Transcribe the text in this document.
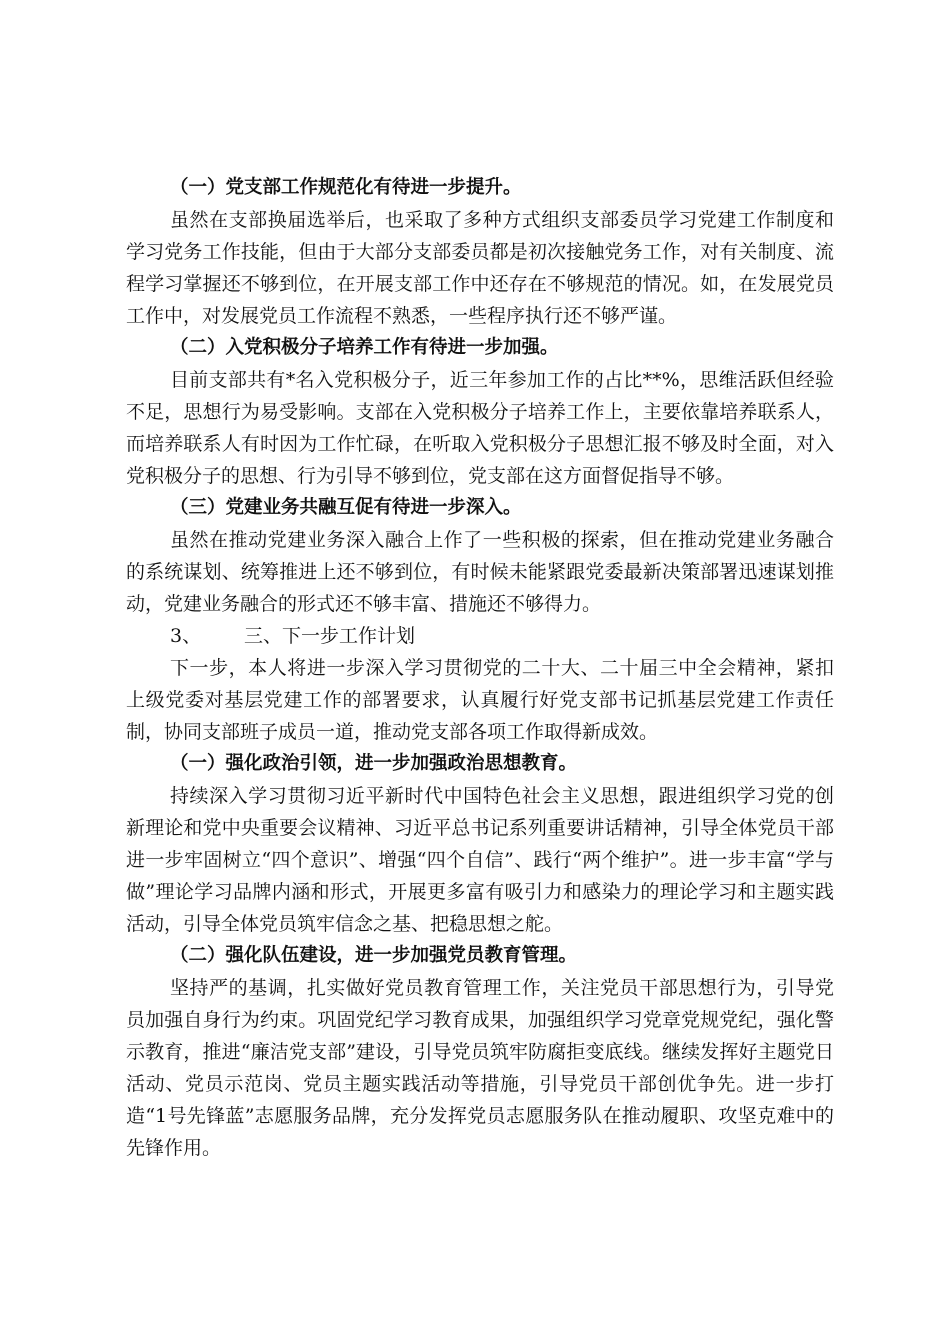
（一）党支部工作规范化有待进一步提升。

虽然在支部换届选举后，也采取了多种方式组织支部委员学习党建工作制度和学习党务工作技能，但由于大部分支部委员都是初次接触党务工作，对有关制度、流程学习掌握还不够到位，在开展支部工作中还存在不够规范的情况。如，在发展党员工作中，对发展党员工作流程不熟悉，一些程序执行还不够严谨。

（二）入党积极分子培养工作有待进一步加强。

目前支部共有*名入党积极分子，近三年参加工作的占比**%，思维活跃但经验不足，思想行为易受影响。支部在入党积极分子培养工作上，主要依靠培养联系人，而培养联系人有时因为工作忙碌，在听取入党积极分子思想汇报不够及时全面，对入党积极分子的思想、行为引导不够到位，党支部在这方面督促指导不够。

（三）党建业务共融互促有待进一步深入。

虽然在推动党建业务深入融合上作了一些积极的探索，但在推动党建业务融合的系统谋划、统筹推进上还不够到位，有时候未能紧跟党委最新决策部署迅速谋划推动，党建业务融合的形式还不够丰富、措施还不够得力。

3、 三、下一步工作计划

下一步，本人将进一步深入学习贯彻党的二十大、二十届三中全会精神，紧扣上级党委对基层党建工作的部署要求，认真履行好党支部书记抓基层党建工作责任制，协同支部班子成员一道，推动党支部各项工作取得新成效。

（一）强化政治引领，进一步加强政治思想教育。

持续深入学习贯彻习近平新时代中国特色社会主义思想，跟进组织学习党的创新理论和党中央重要会议精神、习近平总书记系列重要讲话精神，引导全体党员干部进一步牢固树立“四个意识”、增强“四个自信”、践行“两个维护”。进一步丰富“学与做”理论学习品牌内涵和形式，开展更多富有吸引力和感染力的理论学习和主题实践活动，引导全体党员筑牢信念之基、把稳思想之舵。

（二）强化队伍建设，进一步加强党员教育管理。

坚持严的基调，扎实做好党员教育管理工作，关注党员干部思想行为，引导党员加强自身行为约束。巩固党纪学习教育成果，加强组织学习党章党规党纪，强化警示教育，推进“廉洁党支部”建设，引导党员筑牢防腐拒变底线。继续发挥好主题党日活动、党员示范岗、党员主题实践活动等措施，引导党员干部创优争先。进一步打造“1号先锋蓝”志愿服务品牌，充分发挥党员志愿服务队在推动履职、攻坚克难中的先锋作用。
